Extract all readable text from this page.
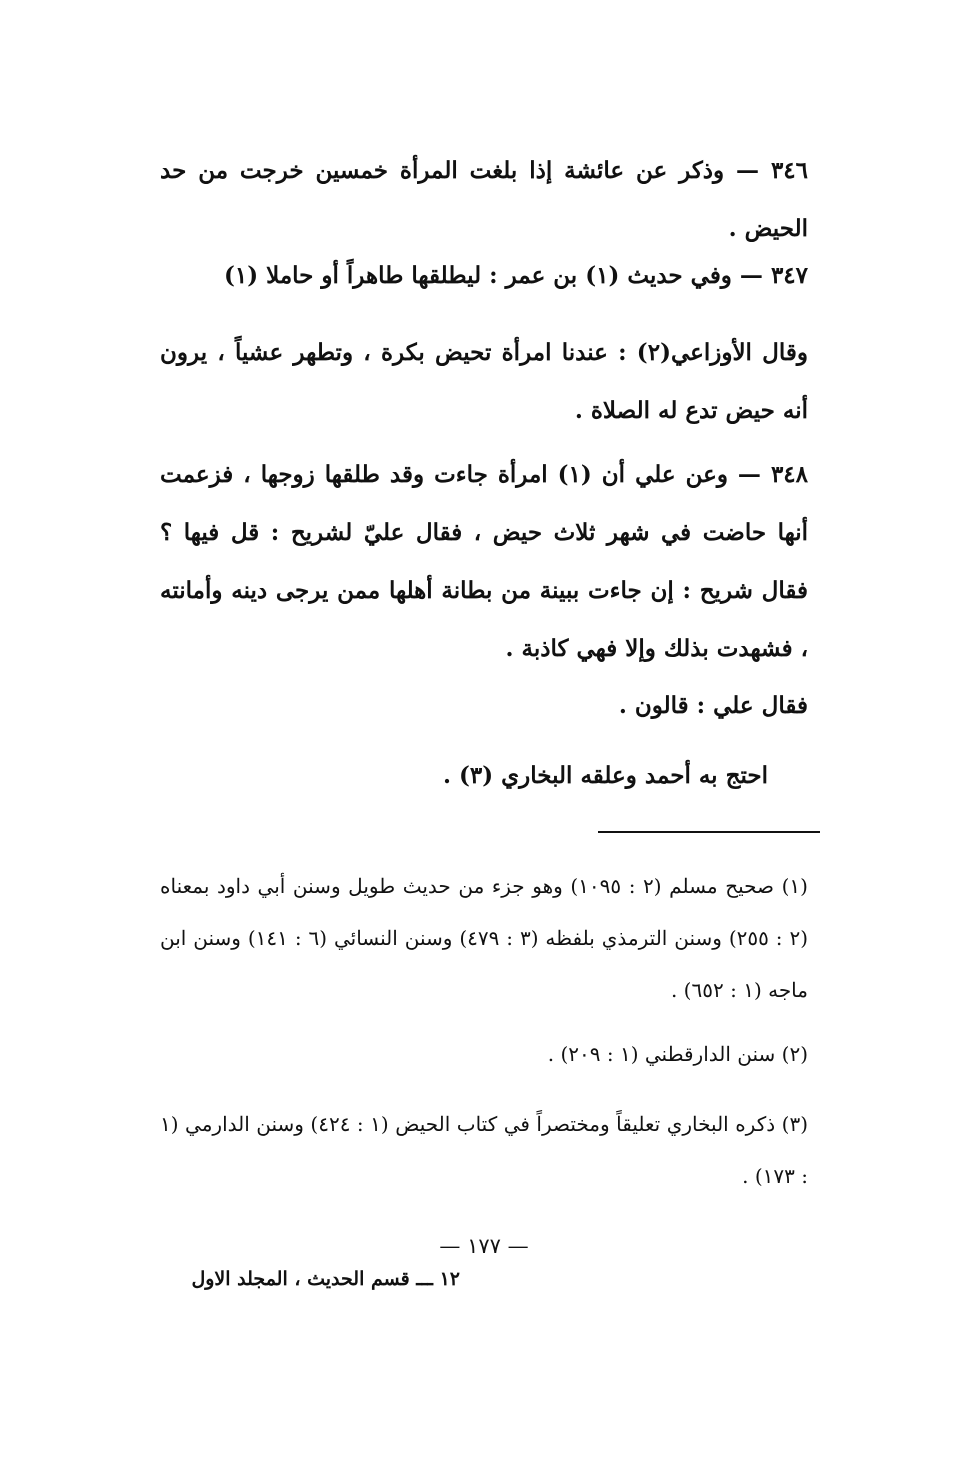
٣٤٦ — وذكر عن عائشة إذا بلغت المرأة خمسين خرجت من حد الحيض .
٣٤٧ — وفي حديث (١) بن عمر : ليطلقها طاهراً أو حاملا (١)
وقال الأوزاعي(٢) : عندنا امرأة تحيض بكرة ، وتطهر عشياً ، يرون أنه حيض تدع له الصلاة .
٣٤٨ — وعن علي أن (١) امرأة جاءت وقد طلقها زوجها ، فزعمت أنها حاضت في شهر ثلاث حيض ، فقال عليّ لشريح : قل فيها ؟ فقال شريح : إن جاءت ببينة من بطانة أهلها ممن يرجى دينه وأمانته ، فشهدت بذلك وإلا فهي كاذبة .
فقال علي : قالون .
احتج به أحمد وعلقه البخاري (٣) .
(١) صحيح مسلم (٢ : ١٠٩٥) وهو جزء من حديث طويل وسنن أبي داود بمعناه (٢ : ٢٥٥) وسنن الترمذي بلفظه (٣ : ٤٧٩) وسنن النسائي (٦ : ١٤١) وسنن ابن ماجه (١ : ٦٥٢) .
(٢) سنن الدارقطني (١ : ٢٠٩) .
(٣) ذكره البخاري تعليقاً ومختصراً في كتاب الحيض (١ : ٤٢٤) وسنن الدارمي (١ : ١٧٣) .
— ١٧٧ —
١٢ ـــ قسم الحديث ، المجلد الاول
